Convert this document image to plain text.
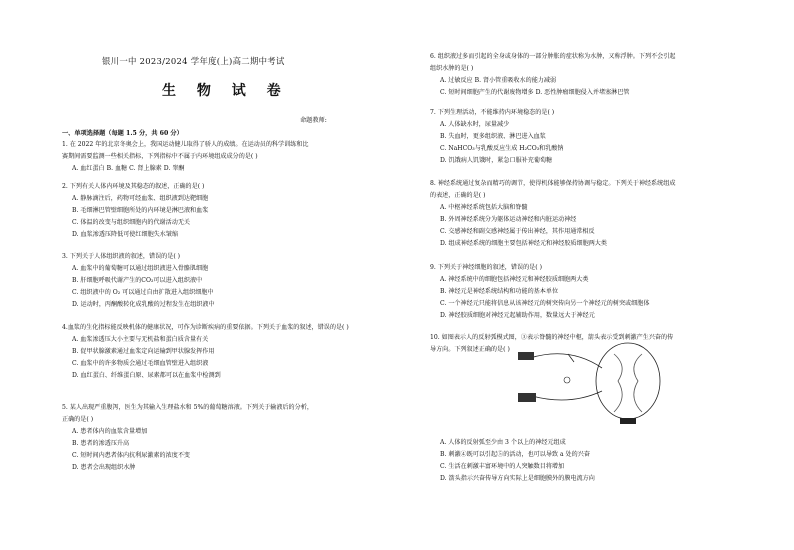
银川一中 2023/2024 学年度(上)高二期中考试
生 物 试 卷
命题教师:
一、单项选择题（每题 1.5 分，共 60 分）
1. 在 2022 年的北京冬奥会上，我国运动健儿取得了骄人的成绩。在运动员的科学训练和比
赛期间需要监测一些相关指标，下列指标中不属于内环境组成成分的是( )
A. 血红蛋白 B. 血糖 C. 肾上腺素 D. 睾酮
2. 下列有关人体内环境及其稳态的叙述，正确的是( )
A. 静脉滴注后，药物可经血浆、组织液到达靶细胞
B. 毛细淋巴管壁细胞所处的内环境是淋巴液和血浆
C. 体温的改变与组织细胞内的代谢活动无关
D. 血浆渗透压降低可使红细胞失水皱缩
3. 下列关于人体组织液的叙述，错误的是( )
A. 血浆中的葡萄糖可以通过组织液进入骨骼肌细胞
B. 肝细胞呼吸代谢产生的CO₂可以进入组织液中
C. 组织液中的 O₂ 可以通过自由扩散进入组织细胞中
D. 运动时，丙酮酸转化成乳酸的过程发生在组织液中
4.血浆的生化指标能反映机体的健康状况，可作为诊断疾病的重要依据。下列关于血浆的叙述，错误的是( )
A. 血浆渗透压大小主要与无机盐和蛋白质含量有关
B. 促甲状腺激素通过血浆定向运输到甲状腺发挥作用
C. 血浆中的许多物质会通过毛细血管壁进入组织液
D. 血红蛋白、纤维蛋白原、尿素都可以在血浆中检测到
5. 某人出现严重腹泻，医生为其输入生理盐水和 5%的葡萄糖溶液。下列关于输液后的分析，
正确的是( )
A. 患者体内的血浆含量增加
B. 患者的渗透压升高
C. 短时间内患者体内抗利尿激素的浓度不变
D. 患者会出现组织水肿
6. 组织液过多而引起的全身或身体的一部分肿胀的症状称为水肿，又称浮肿。下列不会引起
组织水肿的是( )
A. 过敏反应 B. 肾小管重吸收水的能力减弱
C. 短时间细胞产生的代谢废物增多 D. 恶性肿瘤细胞侵入并堵塞淋巴管
7. 下列生理活动，不能维持内环境稳态的是( )
A. 人体缺水时，尿量减少
B. 失血时，更多组织液、淋巴进入血浆
C. NaHCO₃与乳酸反应生成 H₂CO₃和乳酸钠
D. 饥饿病人饥饿时，紧急口服补充葡萄糖
8. 神经系统通过复杂而精巧的调节，使得机体能够保持协调与稳定。下列关于神经系统组成
的表述，正确的是( )
A. 中枢神经系统包括大脑和脊髓
B. 外周神经系统分为躯体运动神经和内脏运动神经
C. 交感神经和副交感神经属于传出神经，其作用通常相反
D. 组成神经系统的细胞主要包括神经元和神经胶质细胞两大类
9. 下列关于神经细胞的叙述，错误的是( )
A. 神经系统中的细胞包括神经元和神经胶质细胞两大类
B. 神经元是神经系统结构和功能的基本单位
C. 一个神经元只能将信息从该神经元的树突传向另一个神经元的树突或细胞体
D. 神经胶质细胞对神经元起辅助作用，数量远大于神经元
10. 如图表示人的反射弧模式图，③表示脊髓的神经中枢，箭头表示受到刺激产生兴奋的传
导方向。下列叙述正确的是( )
A. 人体的反射弧至少由 3 个以上的神经元组成
B. 刺激④既可以引起⑤的活动，也可以导致 a 处的兴奋
C. 生活在刺激丰富环境中的人突触数目将增加
D. 箭头指示兴奋传导方向实际上是细胞膜外的膜电流方向
